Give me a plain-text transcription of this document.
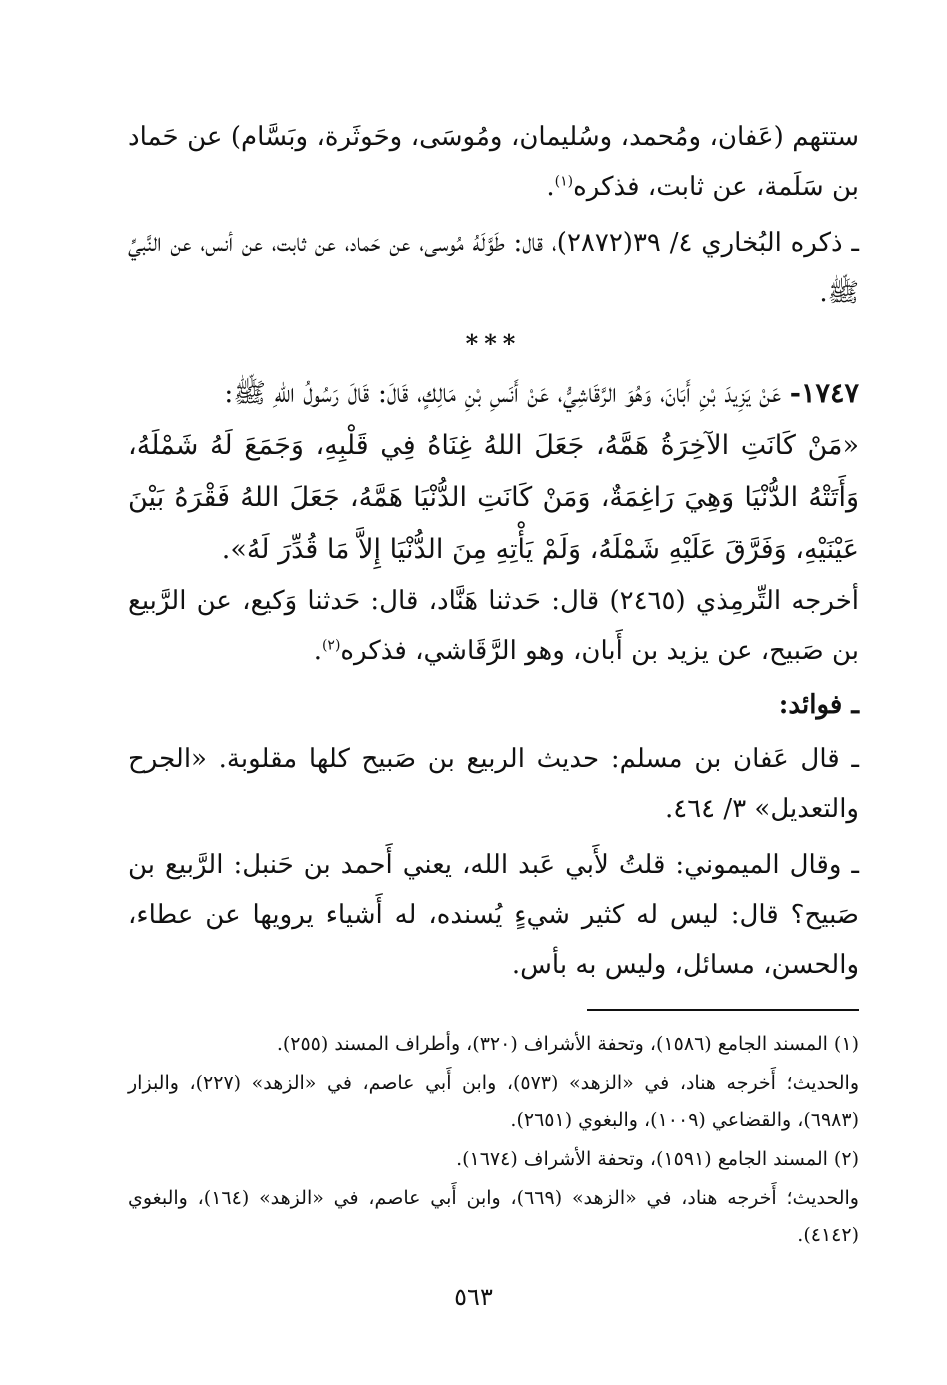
ستتهم (عَفان، ومُحمد، وسُليمان، ومُوسَى، وحَوثَرة، وبَسَّام) عن حَماد بن سَلَمة، عن ثابت، فذكره$^{(١)}$.

ـ ذكره البُخاري ٤/ ٣٩(٢٨٧٢)، قال: طَوَّلَهُ مُوسى، عن حَماد، عن ثابت، عن أنس، عن النَّبيِّ ﷺ.

***

١٧٤٧- عَنْ يَزِيدَ بْنِ أَبَانَ، وَهُوَ الرَّقَاشِيُّ، عَنْ أَنَسِ بْنِ مَالِكٍ، قَالَ: قَالَ رَسُولُ اللهِ ﷺ:

«مَنْ كَانَتِ الآخِرَةُ هَمَّهُ، جَعَلَ اللهُ غِنَاهُ فِي قَلْبِهِ، وَجَمَعَ لَهُ شَمْلَهُ، وَأَتَتْهُ الدُّنْيَا وَهِيَ رَاغِمَةٌ، وَمَنْ كَانَتِ الدُّنْيَا هَمَّهُ، جَعَلَ اللهُ فَقْرَهُ بَيْنَ عَيْنَيْهِ، وَفَرَّقَ عَلَيْهِ شَمْلَهُ، وَلَمْ يَأْتِهِ مِنَ الدُّنْيَا إِلاَّ مَا قُدِّرَ لَهُ».

أخرجه التِّرمِذي (٢٤٦٥) قال: حَدثنا هَنَّاد، قال: حَدثنا وَكيع، عن الرَّبيع بن صَبيح، عن يزيد بن أَبان، وهو الرَّقَاشي، فذكره$^{(٢)}$.

ـ فوائد:

ـ قال عَفان بن مسلم: حديث الربيع بن صَبيح كلها مقلوبة. «الجرح والتعديل» ٣/ ٤٦٤.

ـ وقال الميموني: قلتُ لأَبي عَبد الله، يعني أَحمد بن حَنبل: الرَّبيع بن صَبيح؟ قال: ليس له كثير شيءٍ يُسنده، له أَشياء يرويها عن عطاء، والحسن، مسائل، وليس به بأس.

(١) المسند الجامع (١٥٨٦)، وتحفة الأشراف (٣٢٠)، وأطراف المسند (٢٥٥).

والحديث؛ أَخرجه هناد، في «الزهد» (٥٧٣)، وابن أَبي عاصم، في «الزهد» (٢٢٧)، والبزار (٦٩٨٣)، والقضاعي (١٠٠٩)، والبغوي (٢٦٥١).

(٢) المسند الجامع (١٥٩١)، وتحفة الأشراف (١٦٧٤).

والحديث؛ أَخرجه هناد، في «الزهد» (٦٦٩)، وابن أَبي عاصم، في «الزهد» (١٦٤)، والبغوي (٤١٤٢).

٥٦٣
